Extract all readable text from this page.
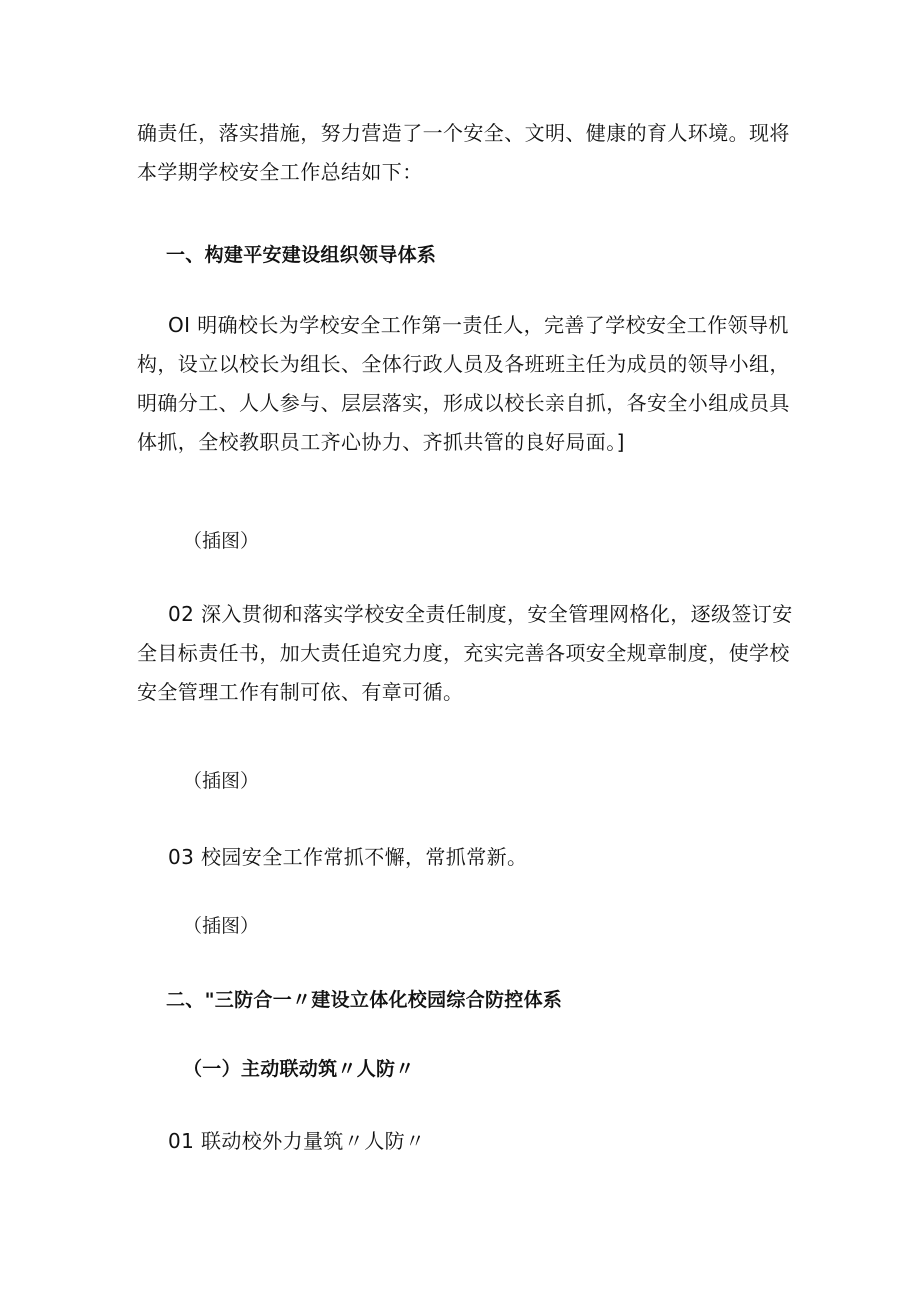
确责任，落实措施，努力营造了一个安全、文明、健康的育人环境。现将
本学期学校安全工作总结如下：
一、构建平安建设组织领导体系
OI 明确校长为学校安全工作第一责任人，完善了学校安全工作领导机
构，设立以校长为组长、全体行政人员及各班班主任为成员的领导小组，
明确分工、人人参与、层层落实，形成以校长亲自抓，各安全小组成员具
体抓，全校教职员工齐心协力、齐抓共管的良好局面。]
（插图）
02 深入贯彻和落实学校安全责任制度，安全管理网格化，逐级签订安
全目标责任书，加大责任追究力度，充实完善各项安全规章制度，使学校
安全管理工作有制可依、有章可循。
（插图）
03 校园安全工作常抓不懈，常抓常新。
（插图）
二、"三防合一〃建设立体化校园综合防控体系
（一）主动联动筑〃人防〃
01 联动校外力量筑〃人防〃
